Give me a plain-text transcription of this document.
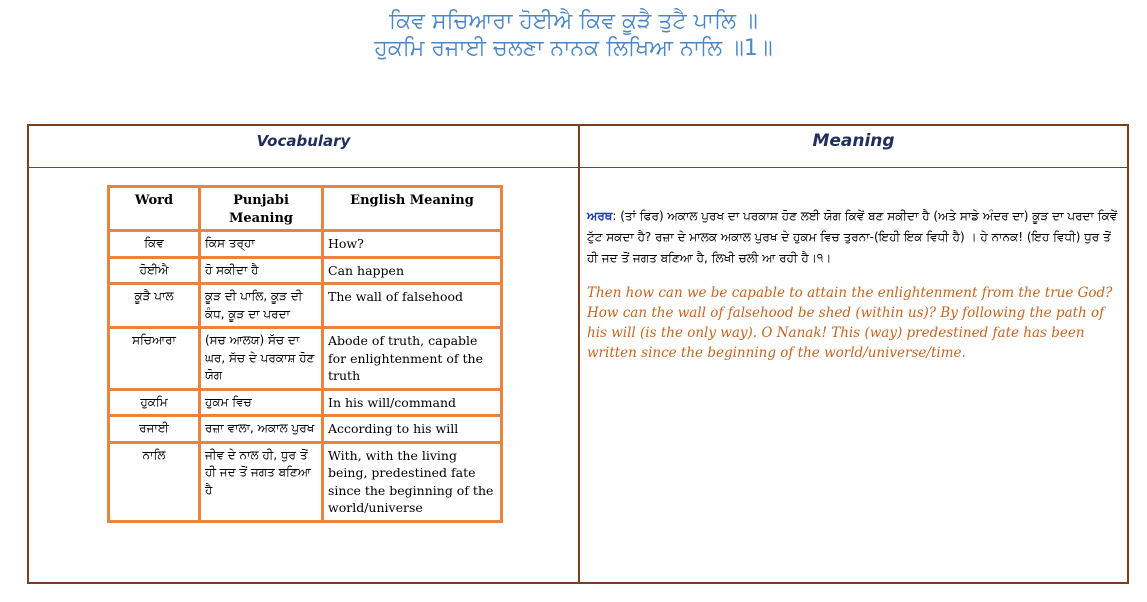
ਕਿਵ ਸਚਿਆਰਾ ਹੋਈਐ ਕਿਵ ਕੂੜੈ ਤੁਟੈ ਪਾਲਿ ॥
ਹੁਕਮਿ ਰਜਾਈ ਚਲਣਾ ਨਾਨਕ ਲਿਖਿਆ ਨਾਲਿ ॥1॥
Vocabulary	Meaning
Word	Punjabi Meaning	English Meaning
ਕਿਵ	ਕਿਸ ਤਰ੍ਹਾ	How?
ਹੋਈਐ	ਹੋ ਸਕੀਦਾ ਹੈ	Can happen
ਕੂੜੈ ਪਾਲ	ਕੂੜ ਦੀ ਪਾਲਿ, ਕੂੜ ਦੀ ਕੰਧ, ਕੂੜ ਦਾ ਪਰਦਾ	The wall of falsehood
ਸਚਿਆਰਾ	(ਸਚ ਆਲਯ) ਸੱਚ ਦਾ ਘਰ, ਸੱਚ ਦੇ ਪਰਕਾਸ਼ ਹੋਣ ਯੋਗ	Abode of truth, capable for enlightenment of the truth
ਹੁਕਮਿ	ਹੁਕਮ ਵਿਚ	In his will/command
ਰਜਾਈ	ਰਜ਼ਾ ਵਾਲਾ, ਅਕਾਲ ਪੁਰਖ	According to his will
ਨਾਲਿ	ਜੀਵ ਦੇ ਨਾਲ ਹੀ, ਧੁਰ ਤੋਂ ਹੀ ਜਦ ਤੋਂ ਜਗਤ ਬਣਿਆ ਹੈ	With, with the living being, predestined fate since the beginning of the world/universe
ਅਰਥ: (ਤਾਂ ਫਿਰ) ਅਕਾਲ ਪੁਰਖ ਦਾ ਪਰਕਾਸ਼ ਹੋਣ ਲਈ ਯੋਗ ਕਿਵੇਂ ਬਣ ਸਕੀਦਾ ਹੈ (ਅਤੇ ਸਾਡੇ ਅੰਦਰ ਦਾ) ਕੂੜ ਦਾ ਪਰਦਾ ਕਿਵੇਂ ਟੁੱਟ ਸਕਦਾ ਹੈ? ਰਜ਼ਾ ਦੇ ਮਾਲਕ ਅਕਾਲ ਪੁਰਖ ਦੇ ਹੁਕਮ ਵਿਚ ਤੁਰਨਾ-(ਇਹੀ ਇਕ ਵਿਧੀ ਹੈ) । ਹੇ ਨਾਨਕ! (ਇਹ ਵਿਧੀ) ਧੁਰ ਤੋਂ ਹੀ ਜਦ ਤੋਂ ਜਗਤ ਬਣਿਆ ਹੈ, ਲਿਖੀ ਚਲੀ ਆ ਰਹੀ ਹੈ।੧।
Then how can we be capable to attain the enlightenment from the true God? How can the wall of falsehood be shed (within us)? By following the path of his will (is the only way). O Nanak! This (way) predestined fate has been written since the beginning of the world/universe/time.
